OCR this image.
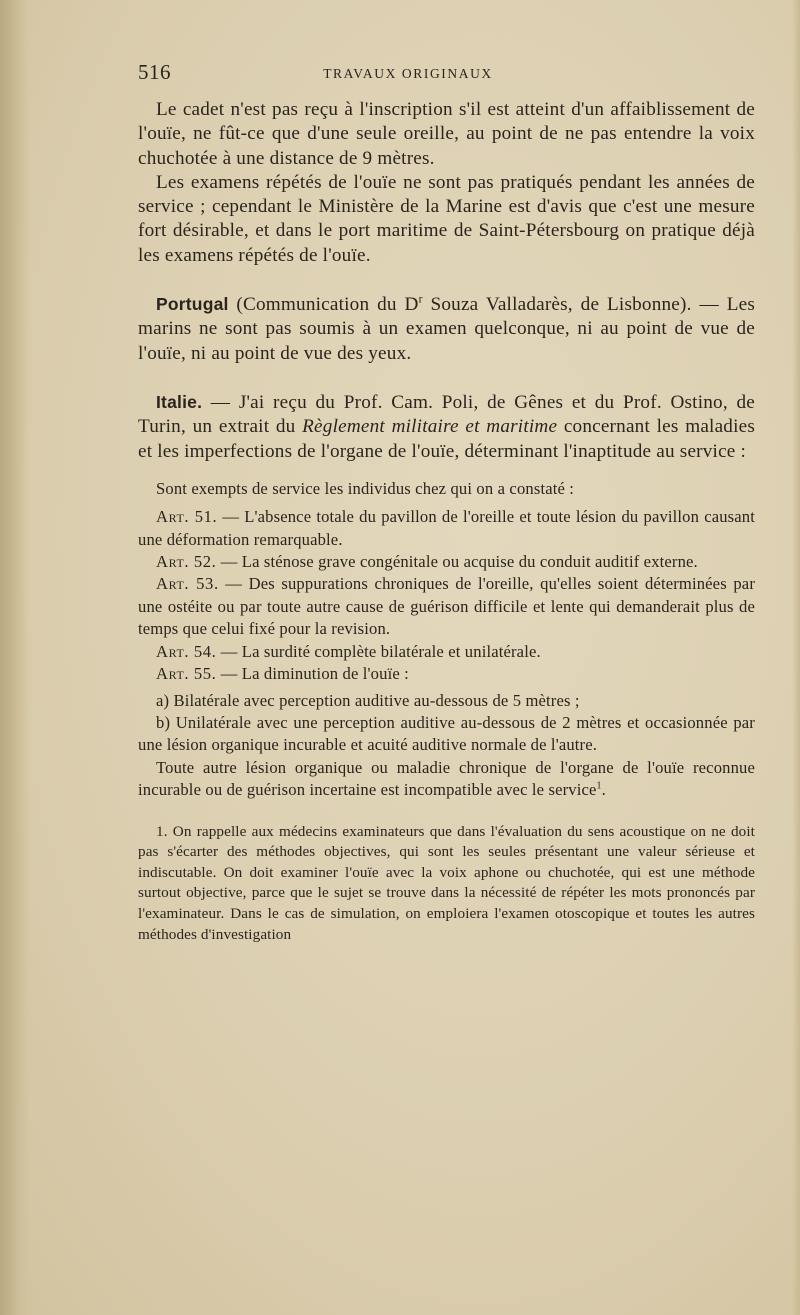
516	TRAVAUX ORIGINAUX

Le cadet n'est pas reçu à l'inscription s'il est atteint d'un affaiblissement de l'ouïe, ne fût-ce que d'une seule oreille, au point de ne pas entendre la voix chuchotée à une distance de 9 mètres.

Les examens répétés de l'ouïe ne sont pas pratiqués pendant les années de service ; cependant le Ministère de la Marine est d'avis que c'est une mesure fort désirable, et dans le port maritime de Saint-Pétersbourg on pratique déjà les examens répétés de l'ouïe.

Portugal (Communication du $D^r$ Souza Valladarès, de Lisbonne). — Les marins ne sont pas soumis à un examen quelconque, ni au point de vue de l'ouïe, ni au point de vue des yeux.

Italie. — J'ai reçu du Prof. Cam. Poli, de Gênes et du Prof. Ostino, de Turin, un extrait du Règlement militaire et maritime concernant les maladies et les imperfections de l'organe de l'ouïe, déterminant l'inaptitude au service :

Sont exempts de service les individus chez qui on a constaté :

Art. 51. — L'absence totale du pavillon de l'oreille et toute lésion du pavillon causant une déformation remarquable.

Art. 52. — La sténose grave congénitale ou acquise du conduit auditif externe.

Art. 53. — Des suppurations chroniques de l'oreille, qu'elles soient déterminées par une ostéite ou par toute autre cause de guérison difficile et lente qui demanderait plus de temps que celui fixé pour la revision.

Art. 54. — La surdité complète bilatérale et unilatérale.

Art. 55. — La diminution de l'ouïe :

a) Bilatérale avec perception auditive au-dessous de 5 mètres ;

b) Unilatérale avec une perception auditive au-dessous de 2 mètres et occasionnée par une lésion organique incurable et acuité auditive normale de l'autre.

Toute autre lésion organique ou maladie chronique de l'organe de l'ouïe reconnue incurable ou de guérison incertaine est incompatible avec le service$^1$.

1. On rappelle aux médecins examinateurs que dans l'évaluation du sens acoustique on ne doit pas s'écarter des méthodes objectives, qui sont les seules présentant une valeur sérieuse et indiscutable. On doit examiner l'ouïe avec la voix aphone ou chuchotée, qui est une méthode surtout objective, parce que le sujet se trouve dans la nécessité de répéter les mots prononcés par l'examinateur. Dans le cas de simulation, on emploiera l'examen otoscopique et toutes les autres méthodes d'investigation
